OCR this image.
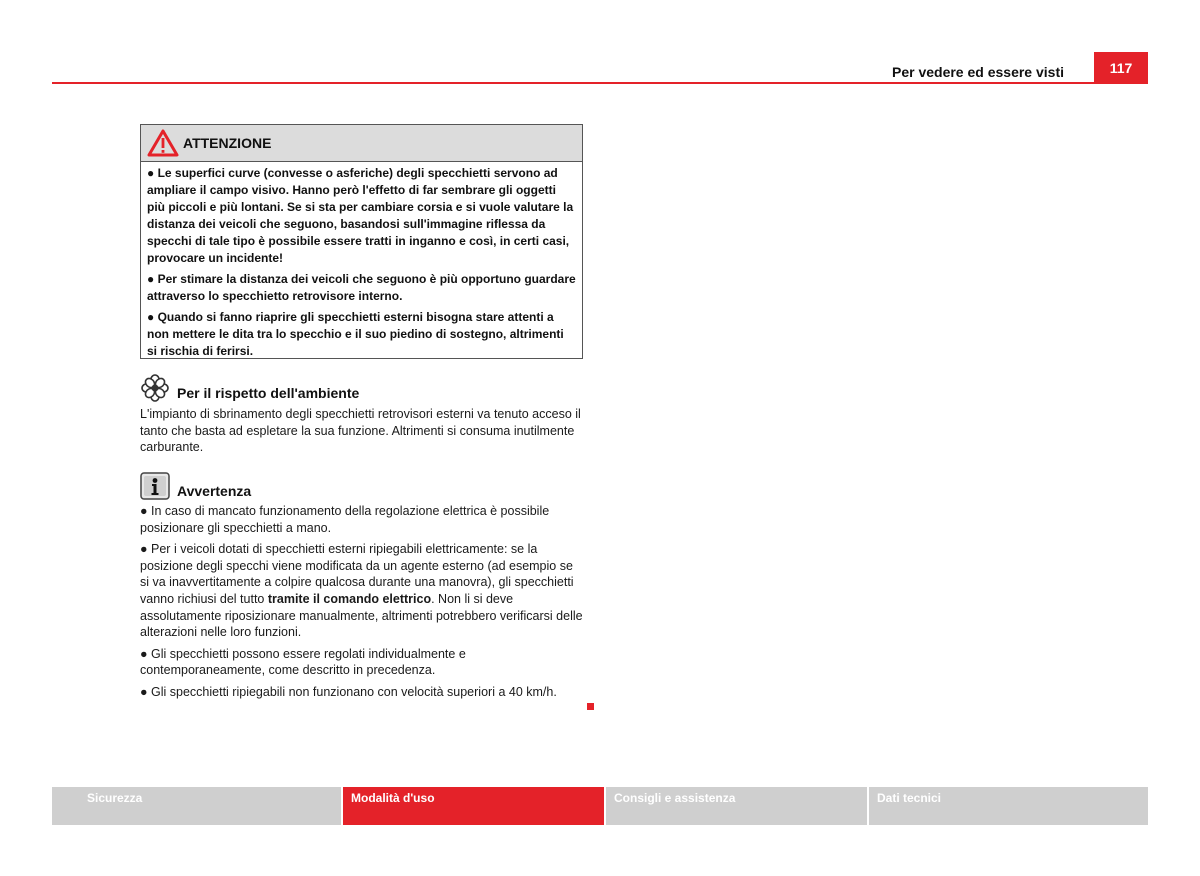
Per vedere ed essere visti	117
ATTENZIONE

● Le superfici curve (convesse o asferiche) degli specchietti servono ad ampliare il campo visivo. Hanno però l'effetto di far sembrare gli oggetti più piccoli e più lontani. Se si sta per cambiare corsia e si vuole valutare la distanza dei veicoli che seguono, basandosi sull'immagine riflessa da specchi di tale tipo è possibile essere tratti in inganno e così, in certi casi, provocare un incidente!

● Per stimare la distanza dei veicoli che seguono è più opportuno guardare attraverso lo specchietto retrovisore interno.

● Quando si fanno riaprire gli specchietti esterni bisogna stare attenti a non mettere le dita tra lo specchio e il suo piedino di sostegno, altrimenti si rischia di ferirsi.

Per il rispetto dell'ambiente

L'impianto di sbrinamento degli specchietti retrovisori esterni va tenuto acceso il tanto che basta ad espletare la sua funzione. Altrimenti si consuma inutilmente carburante.

Avvertenza

● In caso di mancato funzionamento della regolazione elettrica è possibile posizionare gli specchietti a mano.

● Per i veicoli dotati di specchietti esterni ripiegabili elettricamente: se la posizione degli specchi viene modificata da un agente esterno (ad esempio se si va inavvertitamente a colpire qualcosa durante una manovra), gli specchietti vanno richiusi del tutto tramite il comando elettrico. Non li si deve assolutamente riposizionare manualmente, altrimenti potrebbero verificarsi delle alterazioni nelle loro funzioni.

● Gli specchietti possono essere regolati individualmente e contemporaneamente, come descritto in precedenza.

● Gli specchietti ripiegabili non funzionano con velocità superiori a 40 km/h.

Sicurezza	Modalità d'uso	Consigli e assistenza	Dati tecnici
